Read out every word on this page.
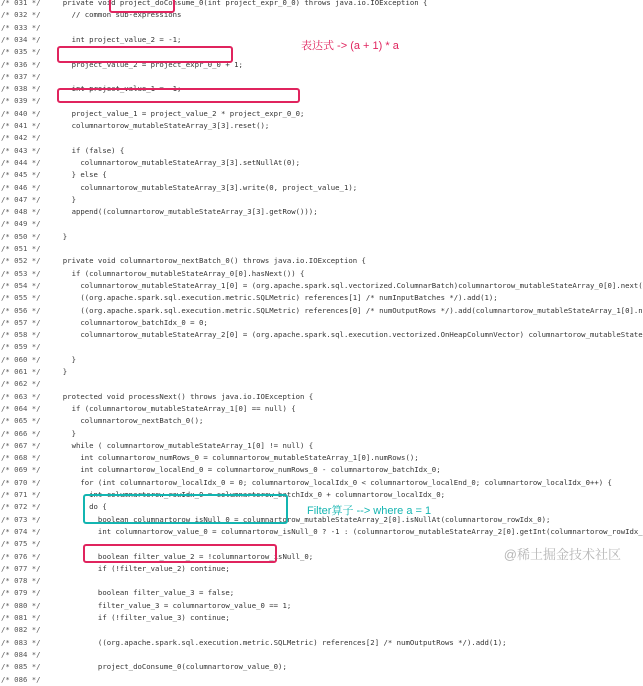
/* 031 */ private void project_doConsume_0(int project_expr_0_0) throws java.io.IOException {
/* 032 */ // common sub-expressions
/* 033 */
/* 034 */ int project_value_2 = -1;
/* 035 */
/* 036 */ project_value_2 = project_expr_0_0 + 1;
/* 037 */
/* 038 */ int project_value_1 = -1;
/* 039 */
/* 040 */ project_value_1 = project_value_2 * project_expr_0_0;
/* 041 */ columnartorow_mutableStateArray_3[3].reset();
/* 042 */
/* 043 */ if (false) {
/* 044 */ columnartorow_mutableStateArray_3[3].setNullAt(0);
/* 045 */ } else {
/* 046 */ columnartorow_mutableStateArray_3[3].write(0, project_value_1);
/* 047 */ }
/* 048 */ append((columnartorow_mutableStateArray_3[3].getRow()));
/* 049 */
/* 050 */ }
/* 051 */
/* 052 */ private void columnartorow_nextBatch_0() throws java.io.IOException {
/* 053 */ if (columnartorow_mutableStateArray_0[0].hasNext()) {
/* 054 */ columnartorow_mutableStateArray_1[0] = (org.apache.spark.sql.vectorized.ColumnarBatch)columnartorow_mutableStateArray_0[0].next(
/* 055 */ ((org.apache.spark.sql.execution.metric.SQLMetric) references[1] /* numInputBatches */).add(1);
/* 056 */ ((org.apache.spark.sql.execution.metric.SQLMetric) references[0] /* numOutputRows */).add(columnartorow_mutableStateArray_1[0].n
/* 057 */ columnartorow_batchIdx_0 = 0;
/* 058 */ columnartorow_mutableStateArray_2[0] = (org.apache.spark.sql.execution.vectorized.OnHeapColumnVector) columnartorow_mutableState
/* 059 */
/* 060 */ }
/* 061 */ }
/* 062 */
/* 063 */ protected void processNext() throws java.io.IOException {
/* 064 */ if (columnartorow_mutableStateArray_1[0] == null) {
/* 065 */ columnartorow_nextBatch_0();
/* 066 */ }
/* 067 */ while ( columnartorow_mutableStateArray_1[0] != null) {
/* 068 */ int columnartorow_numRows_0 = columnartorow_mutableStateArray_1[0].numRows();
/* 069 */ int columnartorow_localEnd_0 = columnartorow_numRows_0 - columnartorow_batchIdx_0;
/* 070 */ for (int columnartorow_localIdx_0 = 0; columnartorow_localIdx_0 < columnartorow_localEnd_0; columnartorow_localIdx_0++) {
/* 071 */ int columnartorow_rowIdx_0 = columnartorow_batchIdx_0 + columnartorow_localIdx_0;
/* 072 */ do {
/* 073 */ boolean columnartorow_isNull_0 = columnartorow_mutableStateArray_2[0].isNullAt(columnartorow_rowIdx_0);
/* 074 */ int columnartorow_value_0 = columnartorow_isNull_0 ? -1 : (columnartorow_mutableStateArray_2[0].getInt(columnartorow_rowIdx_
/* 075 */
/* 076 */ boolean filter_value_2 = !columnartorow_isNull_0;
/* 077 */ if (!filter_value_2) continue;
/* 078 */
/* 079 */ boolean filter_value_3 = false;
/* 080 */ filter_value_3 = columnartorow_value_0 == 1;
/* 081 */ if (!filter_value_3) continue;
/* 082 */
/* 083 */ ((org.apache.spark.sql.execution.metric.SQLMetric) references[2] /* numOutputRows */).add(1);
/* 084 */
/* 085 */ project_doConsume_0(columnartorow_value_0);
/* 086 */
表达式 -> (a + 1) * a
Filter算子 --> where a = 1
@稀土掘金技术社区
